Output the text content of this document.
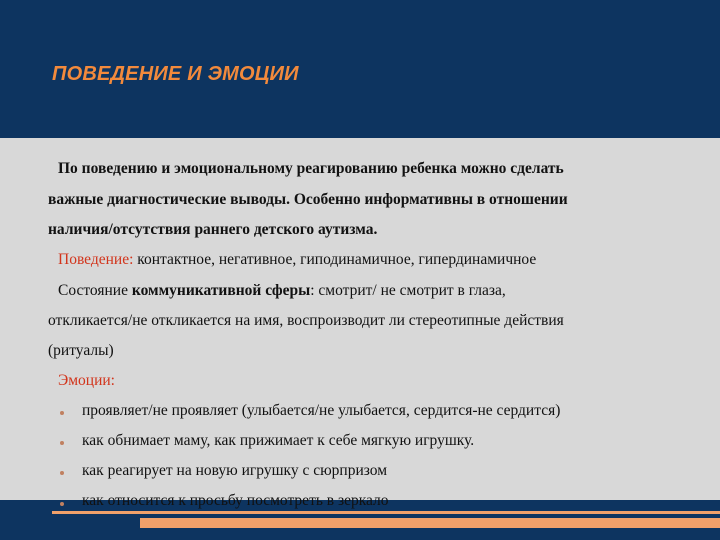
ПОВЕДЕНИЕ И ЭМОЦИИ
По поведению и эмоциональному реагированию ребенка можно сделать
важные диагностические выводы. Особенно информативны в отношении
наличия/отсутствия раннего детского аутизма.
Поведение: контактное, негативное, гиподинамичное, гипердинамичное
Состояние коммуникативной сферы: смотрит/ не смотрит в глаза,
откликается/не откликается на имя, воспроизводит ли стереотипные действия
(ритуалы)
Эмоции:
проявляет/не проявляет (улыбается/не улыбается, сердится-не сердится)
как обнимает маму, как прижимает к себе мягкую игрушку.
как реагирует на новую игрушку с сюрпризом
как относится к просьбу посмотреть в зеркало
